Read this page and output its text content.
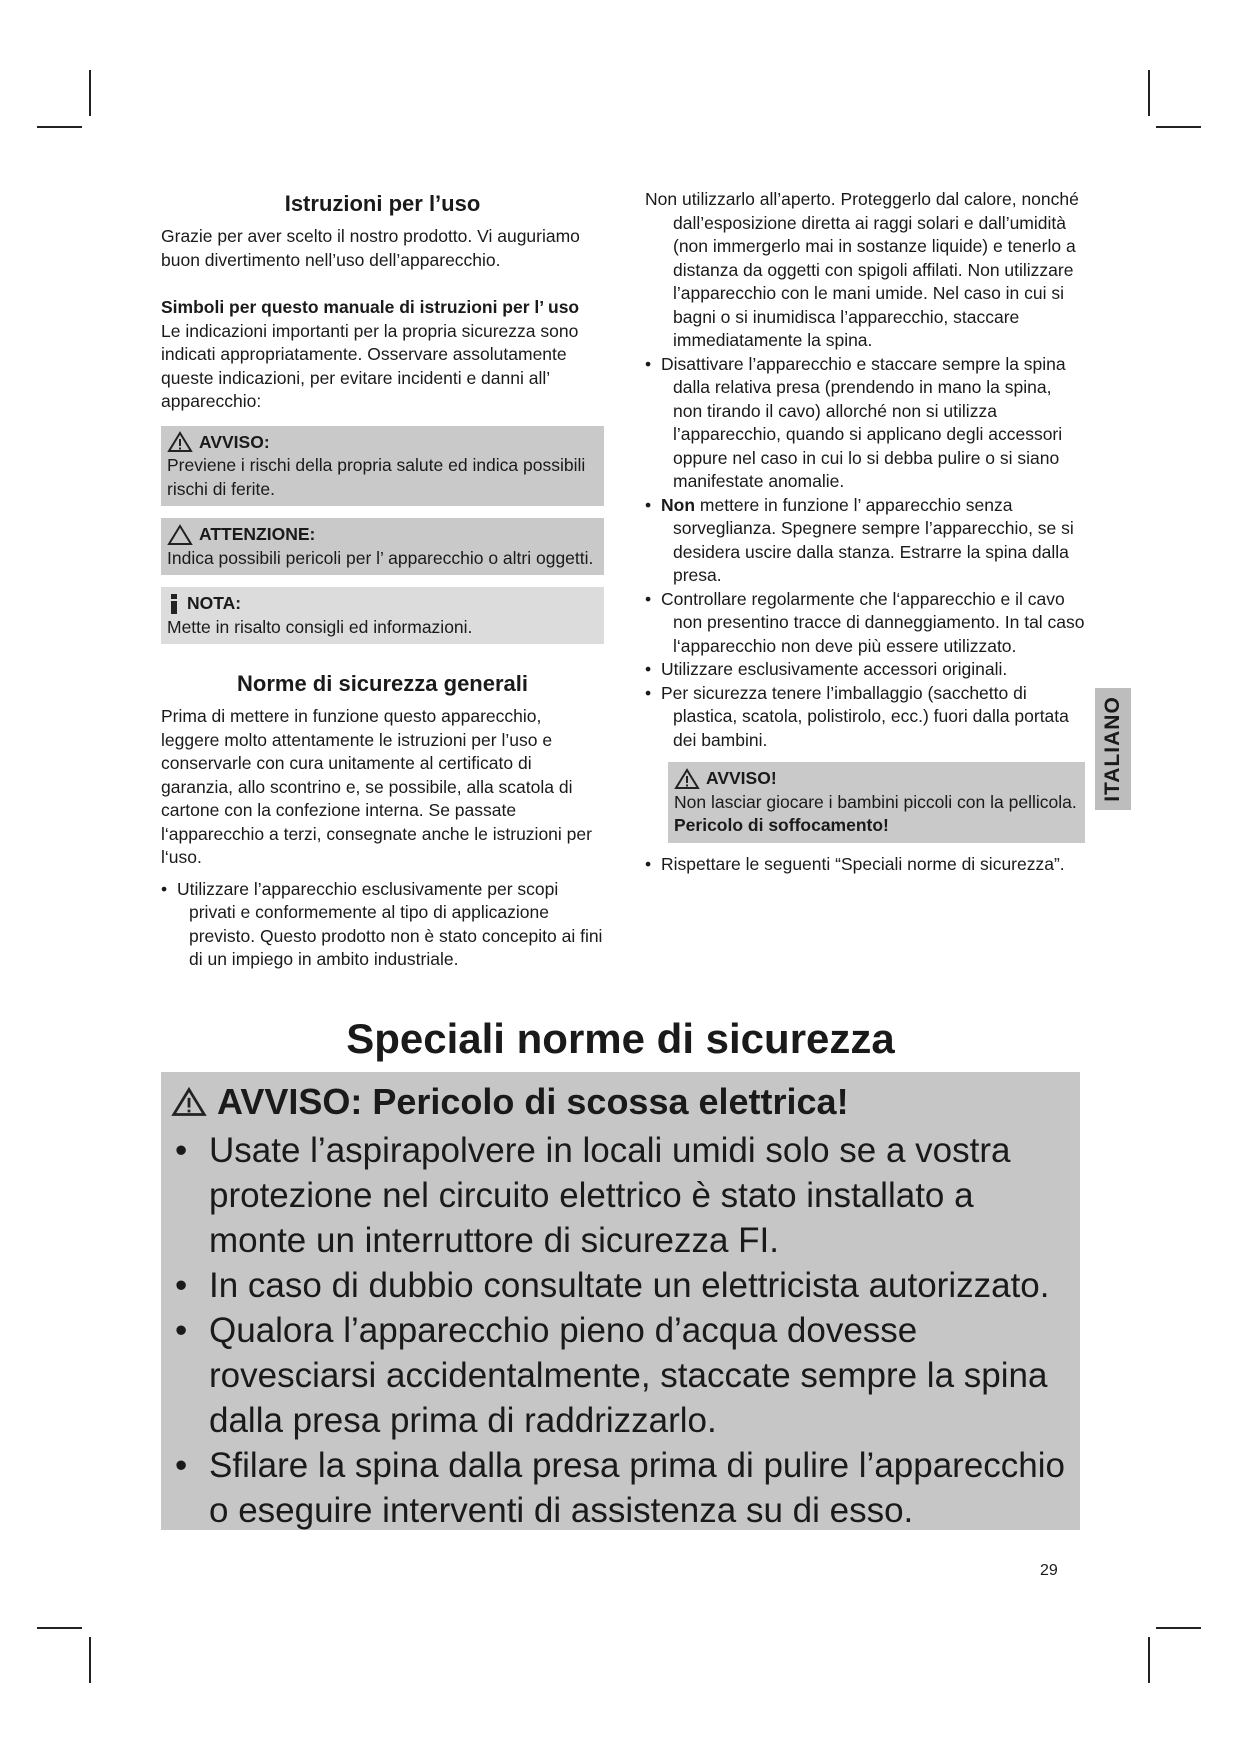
Istruzioni per l’uso

Grazie per aver scelto il nostro prodotto. Vi auguriamo buon divertimento nell’uso dell’apparecchio.

Simboli per questo manuale di istruzioni per l’ uso

Le indicazioni importanti per la propria sicurezza sono indicati appropriatamente. Osservare assolutamente queste indicazioni, per evitare incidenti e danni all’ apparecchio:

AVVISO:

Previene i rischi della propria salute ed indica possibili rischi di ferite.

ATTENZIONE:

Indica possibili pericoli per l’ apparecchio o altri oggetti.

NOTA:

Mette in risalto consigli ed informazioni.

Norme di sicurezza generali

Prima di mettere in funzione questo apparecchio, leggere molto attentamente le istruzioni per l’uso e conservarle con cura unitamente al certificato di garanzia, allo scontrino e, se possibile, alla scatola di cartone con la confezione interna. Se passate l‘apparecchio a terzi, consegnate anche le istruzioni per l‘uso.

• Utilizzare l’apparecchio esclusivamente per scopi privati e conformemente al tipo di applicazione previsto. Questo prodotto non è stato concepito ai fini di un impiego in ambito industriale.

Non utilizzarlo all’aperto. Proteggerlo dal calore, nonché dall’esposizione diretta ai raggi solari e dall’umidità (non immergerlo mai in sostanze liquide) e tenerlo a distanza da oggetti con spigoli affilati. Non utilizzare l’apparecchio con le mani umide. Nel caso in cui si bagni o si inumidisca l’apparecchio, staccare immediatamente la spina.

• Disattivare l’apparecchio e staccare sempre la spina dalla relativa presa (prendendo in mano la spina, non tirando il cavo) allorché non si utilizza l’apparecchio, quando si applicano degli accessori oppure nel caso in cui lo si debba pulire o si siano manifestate anomalie.
• Non mettere in funzione l’ apparecchio senza sorveglianza. Spegnere sempre l’apparecchio, se si desidera uscire dalla stanza. Estrarre la spina dalla presa.
• Controllare regolarmente che l‘apparecchio e il cavo non presentino tracce di danneggiamento. In tal caso l‘apparecchio non deve più essere utilizzato.
• Utilizzare esclusivamente accessori originali.
• Per sicurezza tenere l’imballaggio (sacchetto di plastica, scatola, polistirolo, ecc.) fuori dalla portata dei bambini.
AVVISO!

Non lasciar giocare i bambini piccoli con la pellicola.

Pericolo di soffocamento!

• Rispettare le seguenti “Speciali norme di sicurezza”.
ITALIANO
Speciali norme di sicurezza
AVVISO: Pericolo di scossa elettrica!
• Usate l’aspirapolvere in locali umidi solo se a vostra protezione nel circuito elettrico è stato installato a monte un interruttore di sicurezza FI.
• In caso di dubbio consultate un elettricista autorizzato.
• Qualora l’apparecchio pieno d’acqua dovesse rovesciarsi accidentalmente, staccate sempre la spina dalla presa prima di raddrizzarlo.
• Sfilare la spina dalla presa prima di pulire l’apparecchio o eseguire interventi di assistenza su di esso.
29
